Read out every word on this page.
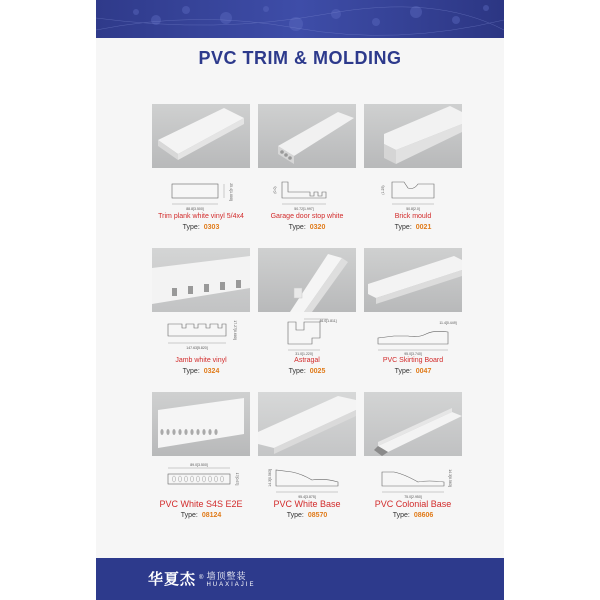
PVC TRIM & MOLDING
88.8[3.500]
25.4[1.000]
Trim plank white vinyl 5/4x4
Type: 0303
50.72[1.997]
(0.0)
Garage door stop white
Type: 0320
50.8[2.0]
(1.25)
Brick mould
Type: 0021
147.63[5.820]
17.27[0.680]
Jamb white vinyl
Type: 0324
46.0[1.811]
31.0[1.220]
Astragal
Type: 0025
95.0[3.740]
11.4[0.449]
PVC Skirting Board
Type: 0047
89.0[3.500]
17[0.67]
PVC White S4S E2E
Type: 08124
95.4[3.875]
14.3[0.563]
PVC White Base
Type: 08570
75.0[2.950]
14.3[0.563]
PVC Colonial Base
Type: 08606
华夏杰 ® 墙顶整装
HUAXIAJIE
